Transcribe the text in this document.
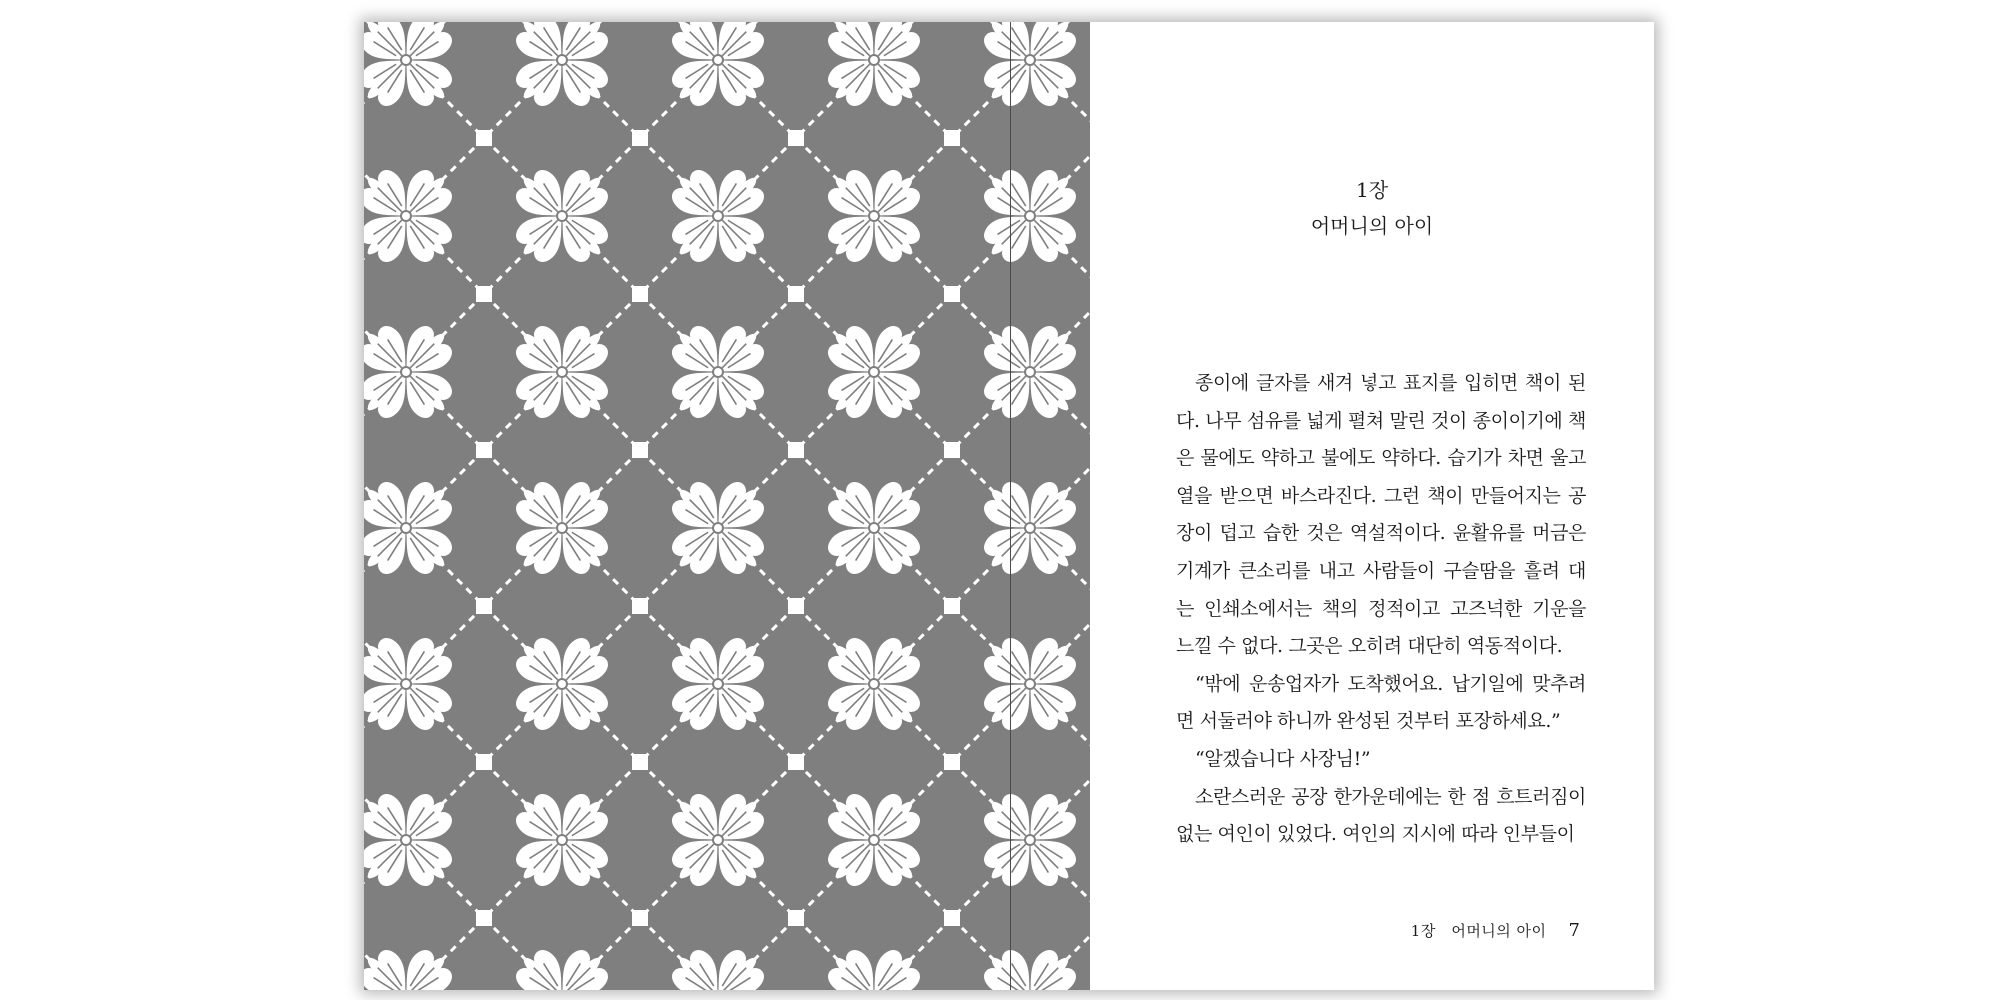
1장
어머니의 아이

종이에 글자를 새겨 넣고 표지를 입히면 책이 된다. 나무 섬유를 넓게 펼쳐 말린 것이 종이이기에 책은 물에도 약하고 불에도 약하다. 습기가 차면 울고 열을 받으면 바스라진다. 그런 책이 만들어지는 공장이 덥고 습한 것은 역설적이다. 윤활유를 머금은 기계가 큰소리를 내고 사람들이 구슬땀을 흘려 대는 인쇄소에서는 책의 정적이고 고즈넉한 기운을 느낄 수 없다. 그곳은 오히려 대단히 역동적이다.

“밖에 운송업자가 도착했어요. 납기일에 맞추려면 서둘러야 하니까 완성된 것부터 포장하세요.”

“알겠습니다 사장님!”

소란스러운 공장 한가운데에는 한 점 흐트러짐이 없는 여인이 있었다. 여인의 지시에 따라 인부들이

1장　어머니의 아이 7
